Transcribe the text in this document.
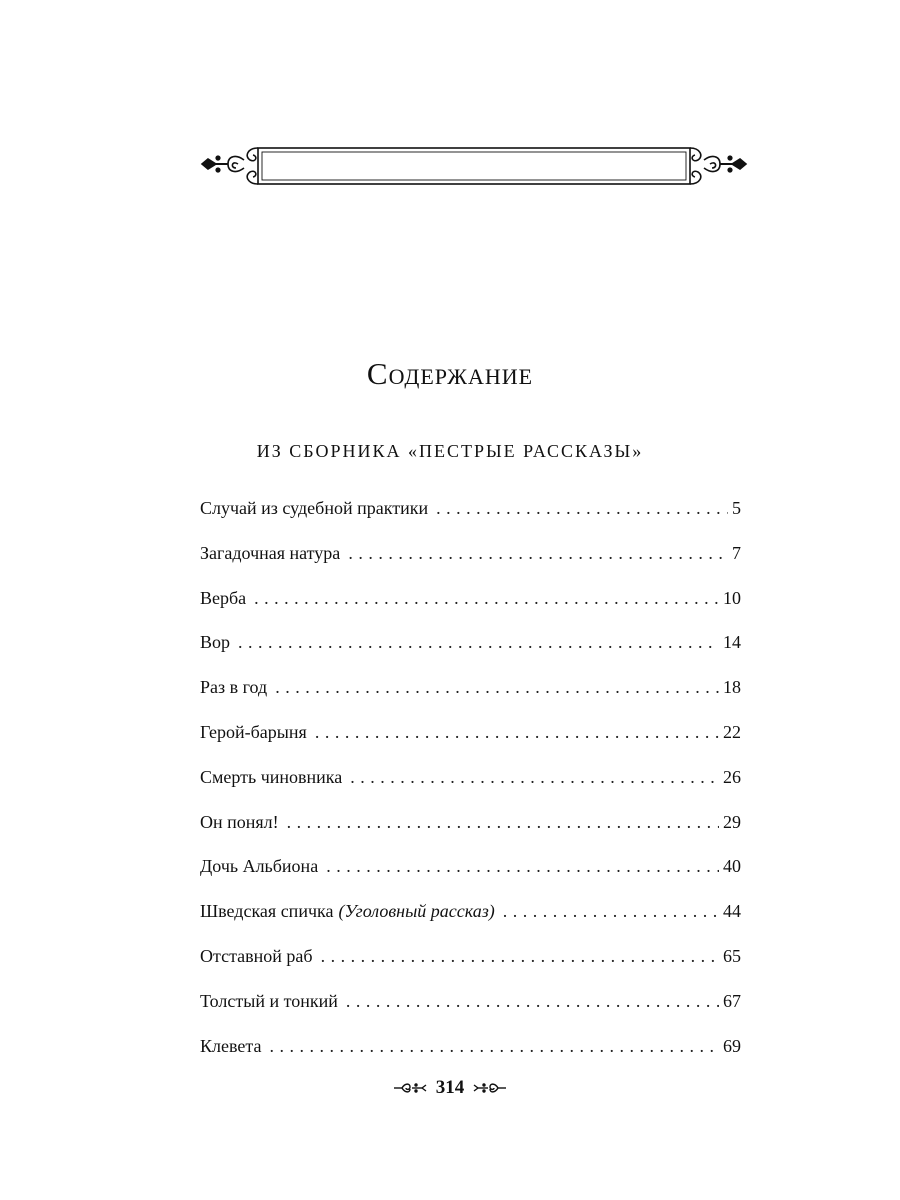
Содержание
ИЗ СБОРНИКА «ПЕСТРЫЕ РАССКАЗЫ»
Случай из судебной практики . . .	5
Загадочная натура . . .	7
Верба . . .	10
Вор . . .	14
Раз в год . . .	18
Герой-барыня . . .	22
Смерть чиновника . . .	26
Он понял! . . .	29
Дочь Альбиона . . .	40
Шведская спичка (Уголовный рассказ) . . .	44
Отставной раб . . .	65
Толстый и тонкий . . .	67
Клевета . . .	69
314
